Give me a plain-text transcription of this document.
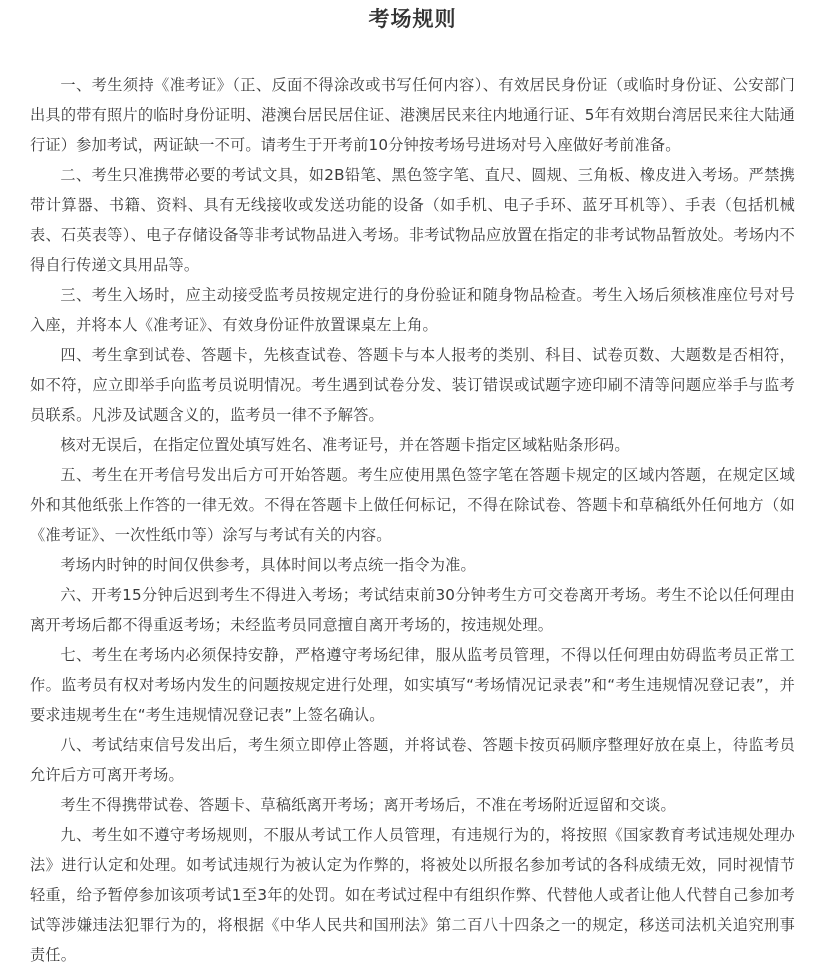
考场规则

一、考生须持《准考证》（正、反面不得涂改或书写任何内容）、有效居民身份证（或临时身份证、公安部门出具的带有照片的临时身份证明、港澳台居民居住证、港澳居民来往内地通行证、5年有效期台湾居民来往大陆通行证）参加考试，两证缺一不可。请考生于开考前10分钟按考场号进场对号入座做好考前准备。

二、考生只准携带必要的考试文具，如2B铅笔、黑色签字笔、直尺、圆规、三角板、橡皮进入考场。严禁携带计算器、书籍、资料、具有无线接收或发送功能的设备（如手机、电子手环、蓝牙耳机等）、手表（包括机械表、石英表等）、电子存储设备等非考试物品进入考场。非考试物品应放置在指定的非考试物品暂放处。考场内不得自行传递文具用品等。

三、考生入场时，应主动接受监考员按规定进行的身份验证和随身物品检查。考生入场后须核准座位号对号入座，并将本人《准考证》、有效身份证件放置课桌左上角。

四、考生拿到试卷、答题卡，先核查试卷、答题卡与本人报考的类别、科目、试卷页数、大题数是否相符，如不符，应立即举手向监考员说明情况。考生遇到试卷分发、装订错误或试题字迹印刷不清等问题应举手与监考员联系。凡涉及试题含义的，监考员一律不予解答。

核对无误后，在指定位置处填写姓名、准考证号，并在答题卡指定区域粘贴条形码。

五、考生在开考信号发出后方可开始答题。考生应使用黑色签字笔在答题卡规定的区域内答题，在规定区域外和其他纸张上作答的一律无效。不得在答题卡上做任何标记，不得在除试卷、答题卡和草稿纸外任何地方（如《准考证》、一次性纸巾等）涂写与考试有关的内容。

考场内时钟的时间仅供参考，具体时间以考点统一指令为准。

六、开考15分钟后迟到考生不得进入考场；考试结束前30分钟考生方可交卷离开考场。考生不论以任何理由离开考场后都不得重返考场；未经监考员同意擅自离开考场的，按违规处理。

七、考生在考场内必须保持安静，严格遵守考场纪律，服从监考员管理，不得以任何理由妨碍监考员正常工作。监考员有权对考场内发生的问题按规定进行处理，如实填写“考场情况记录表”和“考生违规情况登记表”，并要求违规考生在“考生违规情况登记表”上签名确认。

八、考试结束信号发出后，考生须立即停止答题，并将试卷、答题卡按页码顺序整理好放在桌上，待监考员允许后方可离开考场。

考生不得携带试卷、答题卡、草稿纸离开考场；离开考场后，不准在考场附近逗留和交谈。

九、考生如不遵守考场规则，不服从考试工作人员管理，有违规行为的，将按照《国家教育考试违规处理办法》进行认定和处理。如考试违规行为被认定为作弊的，将被处以所报名参加考试的各科成绩无效，同时视情节轻重，给予暂停参加该项考试1至3年的处罚。如在考试过程中有组织作弊、代替他人或者让他人代替自己参加考试等涉嫌违法犯罪行为的，将根据《中华人民共和国刑法》第二百八十四条之一的规定，移送司法机关追究刑事责任。
